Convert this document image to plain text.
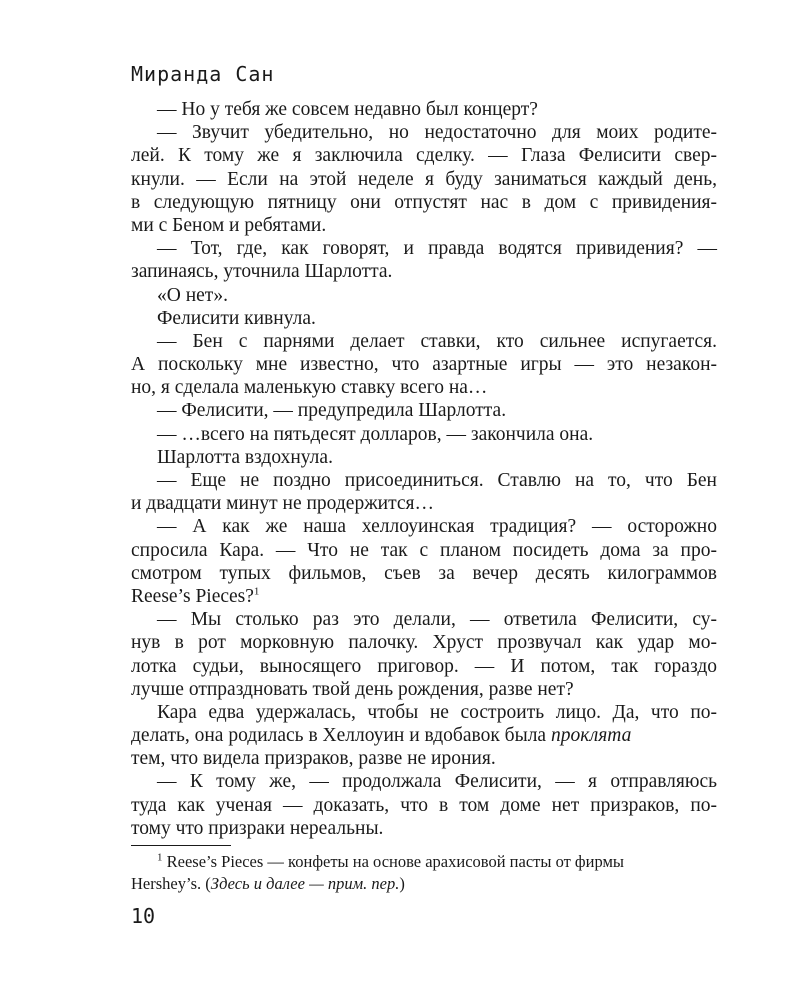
Миранда Сан
— Но у тебя же совсем недавно был концерт?
— Звучит убедительно, но недостаточно для моих родите-
лей. К тому же я заключила сделку. — Глаза Фелисити свер-
кнули. — Если на этой неделе я буду заниматься каждый день,
в следующую пятницу они отпустят нас в дом с привидения-
ми с Беном и ребятами.
— Тот, где, как говорят, и правда водятся привидения? —
запинаясь, уточнила Шарлотта.
«О нет».
Фелисити кивнула.
— Бен с парнями делает ставки, кто сильнее испугается.
А поскольку мне известно, что азартные игры — это незакон-
но, я сделала маленькую ставку всего на…
— Фелисити, — предупредила Шарлотта.
— …всего на пятьдесят долларов, — закончила она.
Шарлотта вздохнула.
— Еще не поздно присоединиться. Ставлю на то, что Бен
и двадцати минут не продержится…
— А как же наша хеллоуинская традиция? — осторожно
спросила Кара. — Что не так с планом посидеть дома за про-
смотром тупых фильмов, съев за вечер десять килограммов
Reese’s Pieces?$^1$
— Мы столько раз это делали, — ответила Фелисити, су-
нув в рот морковную палочку. Хруст прозвучал как удар мо-
лотка судьи, выносящего приговор. — И потом, так гораздо
лучше отпраздновать твой день рождения, разве нет?
Кара едва удержалась, чтобы не состроить лицо. Да, что по-
делать, она родилась в Хеллоуин и вдобавок была проклята
тем, что видела призраков, разве не ирония.
— К тому же, — продолжала Фелисити, — я отправляюсь
туда как ученая — доказать, что в том доме нет призраков, по-
тому что призраки нереальны.
$^1$ Reese’s Pieces — конфеты на основе арахисовой пасты от фирмы
Hershey’s. (Здесь и далее — прим. пер.)
10
